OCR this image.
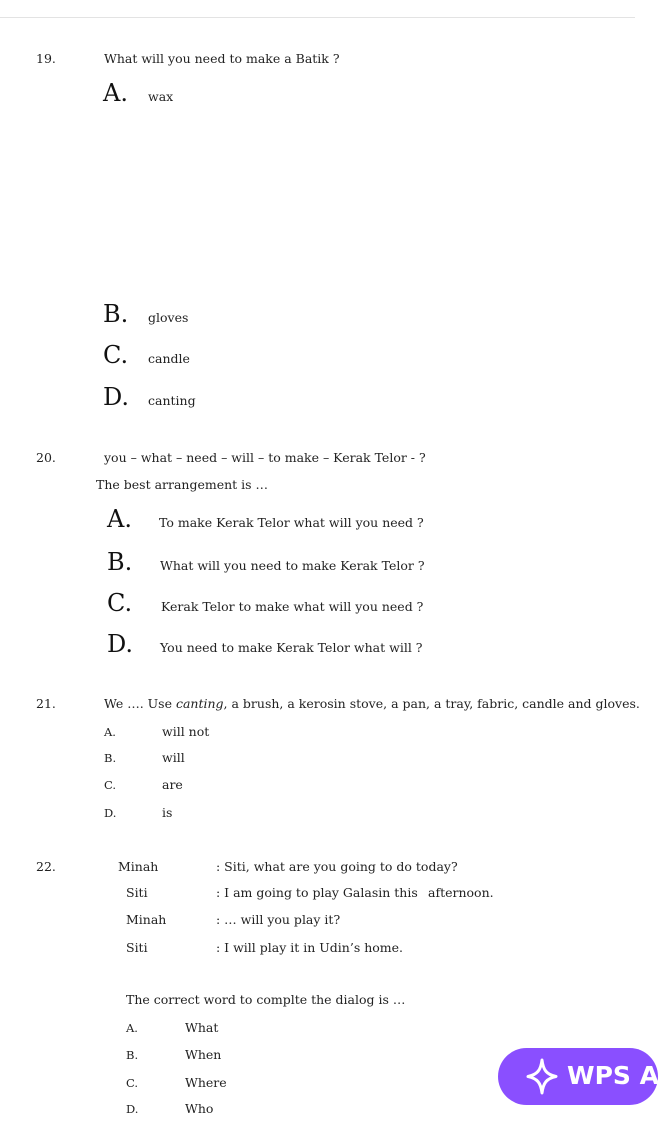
19.	What will you need to make a Batik ?
A. wax
B. gloves
C. candle
D. canting
20.	you – what – need – will – to make – Kerak Telor - ?
The best arrangement is …
A. To make Kerak Telor what will you need ?
B. What will you need to make Kerak Telor ?
C. Kerak Telor to make what will you need ?
D. You need to make Kerak Telor what will ?
21.	We …. Use canting, a brush, a kerosin stove, a pan, a tray, fabric, candle and gloves.
A.	will not
B.	will
C.	are
D.	is
22.	Minah	: Siti, what are you going to do today?
Siti	: I am going to play Galasin this afternoon.
Minah	: … will you play it?
Siti	: I will play it in Udin’s home.
The correct word to complte the dialog is …
A.	What
B.	When
C.	Where
D.	Who
WPS A
